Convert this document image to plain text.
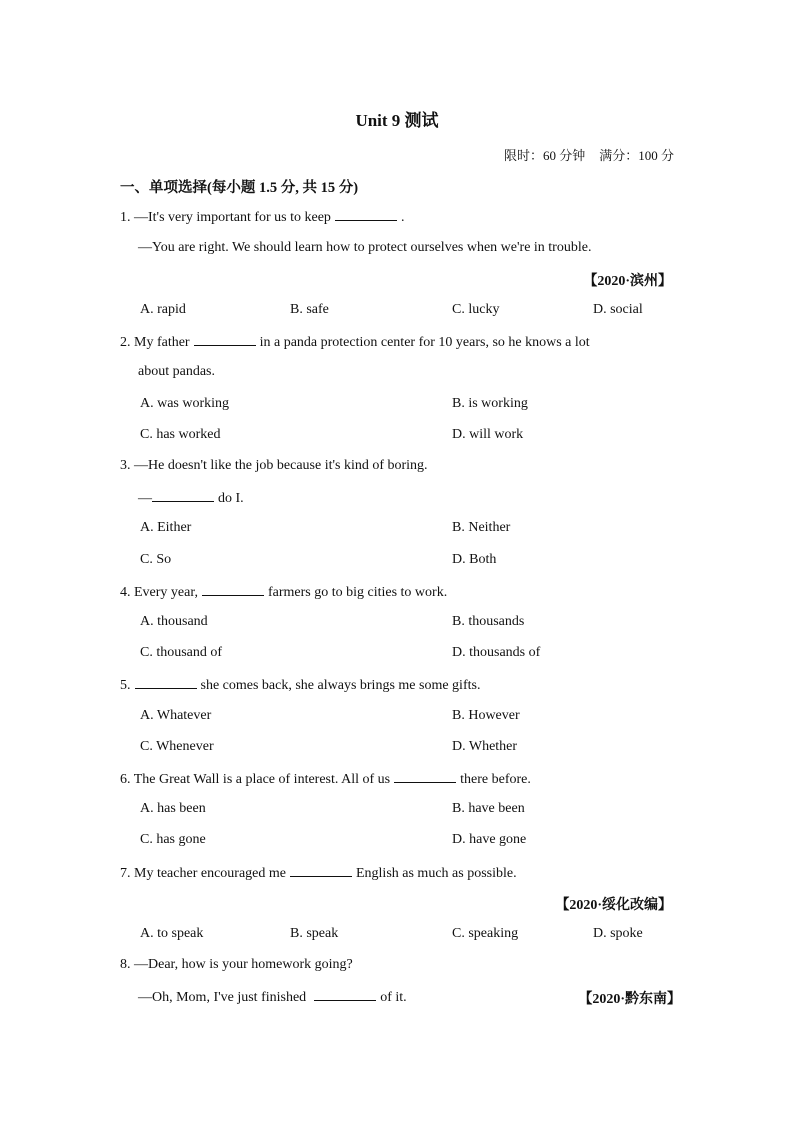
Unit 9 测试
限时：60 分钟 满分：100 分
一、单项选择(每小题 1.5 分, 共 15 分)
1. —It's very important for us to keep	.
—You are right. We should learn how to protect ourselves when we're in trouble.
【2020·滨州】
A. rapid	B. safe	C. lucky	D. social
2. My father	in a panda protection center for 10 years, so he knows a lot
about pandas.
A. was working	B. is working
C. has worked	D. will work
3. —He doesn't like the job because it's kind of boring.
—	do I.
A. Either	B. Neither
C. So	D. Both
4. Every year,	farmers go to big cities to work.
A. thousand	B. thousands
C. thousand of	D. thousands of
5.	she comes back, she always brings me some gifts.
A. Whatever	B. However
C. Whenever	D. Whether
6. The Great Wall is a place of interest. All of us	there before.
A. has been	B. have been
C. has gone	D. have gone
7. My teacher encouraged me	English as much as possible.
【2020·绥化改编】
A. to speak	B. speak	C. speaking	D. spoke
8. —Dear, how is your homework going?
—Oh, Mom, I've just finished	of it.	【2020·黔东南】
